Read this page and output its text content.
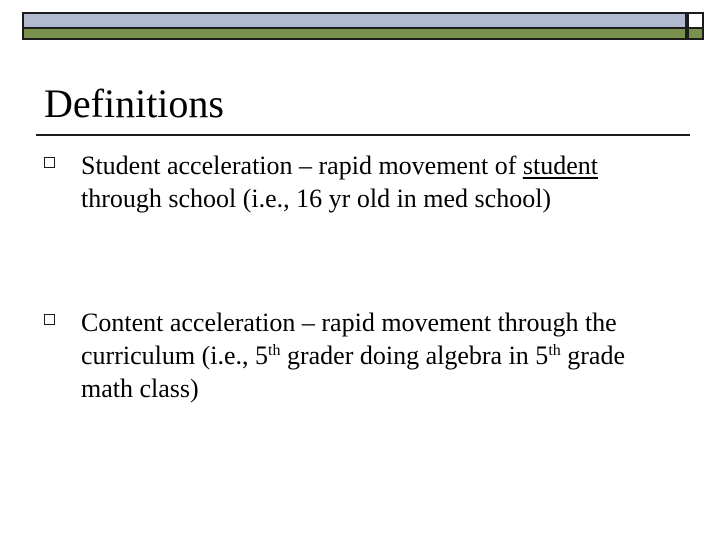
Definitions
Student acceleration – rapid movement of student through school (i.e., 16 yr old in med school)
Content acceleration – rapid movement through the curriculum (i.e., 5th grader doing algebra in 5th grade math class)
